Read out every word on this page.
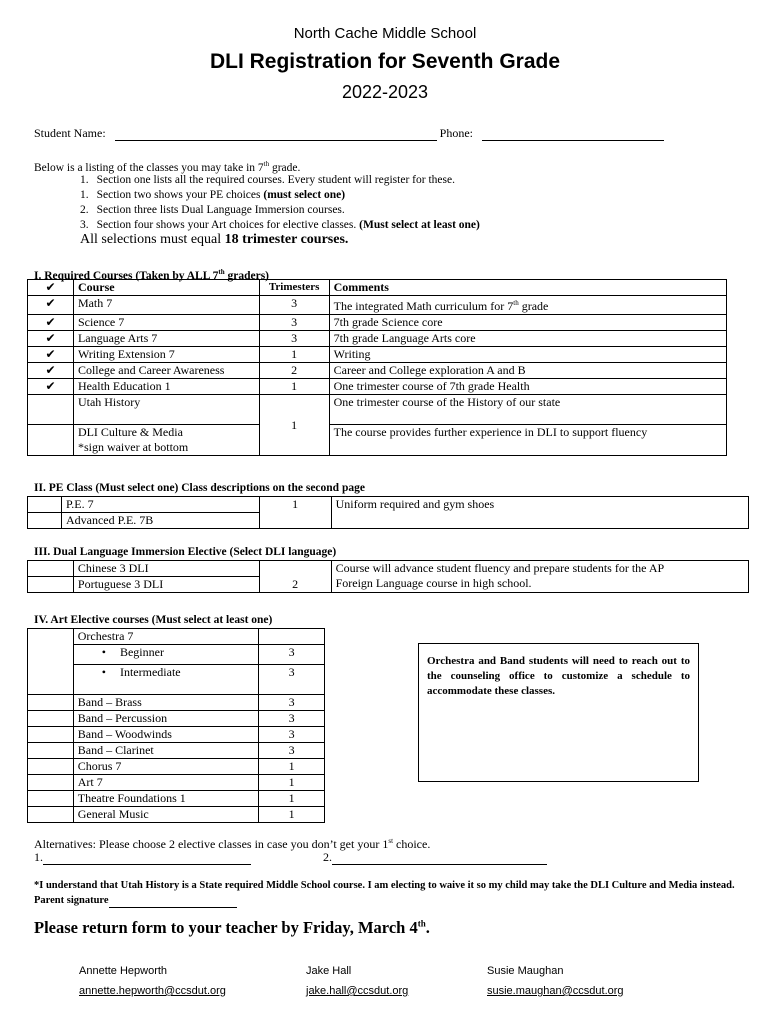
North Cache Middle School
DLI Registration for Seventh Grade
2022-2023
Student Name:	Phone:
Below is a listing of the classes you may take in 7th grade.
1. Section one lists all the required courses. Every student will register for these.
1. Section two shows your PE choices (must select one)
2. Section three lists Dual Language Immersion courses.
3. Section four shows your Art choices for elective classes. (Must select at least one)
All selections must equal 18 trimester courses.
I. Required Courses (Taken by ALL 7th graders)
✔	Course	Trimesters	Comments
✔	Math 7	3	The integrated Math curriculum for 7th grade
✔	Science 7	3	7th grade Science core
✔	Language Arts 7	3	7th grade Language Arts core
✔	Writing Extension 7	1	Writing
✔	College and Career Awareness	2	Career and College exploration A and B
✔	Health Education 1	1	One trimester course of 7th grade Health
	Utah History	1	One trimester course of the History of our state

	DLI Culture & Media
*sign waiver at bottom		The course provides further experience in DLI to support fluency
II. PE Class (Must select one) Class descriptions on the second page
	P.E. 7	1	Uniform required and gym shoes
	Advanced P.E. 7B		
III. Dual Language Immersion Elective (Select DLI language)
	Chinese 3 DLI	2	Course will advance student fluency and prepare students for the AP
Foreign Language course in high school.

	Portuguese 3 DLI		
IV. Art Elective courses (Must select at least one)
	Orchestra 7	
	• Beginner	3
	• Intermediate	3
	Band – Brass	3
	Band – Percussion	3
	Band – Woodwinds	3
	Band – Clarinet	3
	Chorus 7	1
	Art 7	1
	Theatre Foundations 1	1
	General Music	1
Orchestra and Band students will need to reach out to the counseling office to customize a schedule to accommodate these classes.
Alternatives: Please choose 2 elective classes in case you don’t get your 1st choice.
1.	2.
*I understand that Utah History is a State required Middle School course. I am electing to waive it so my child may take the DLI Culture and Media instead. Parent signature
Please return form to your teacher by Friday, March 4th.
Annette Hepworth
annette.hepworth@ccsdut.org
Jake Hall
jake.hall@ccsdut.org
Susie Maughan
susie.maughan@ccsdut.org
